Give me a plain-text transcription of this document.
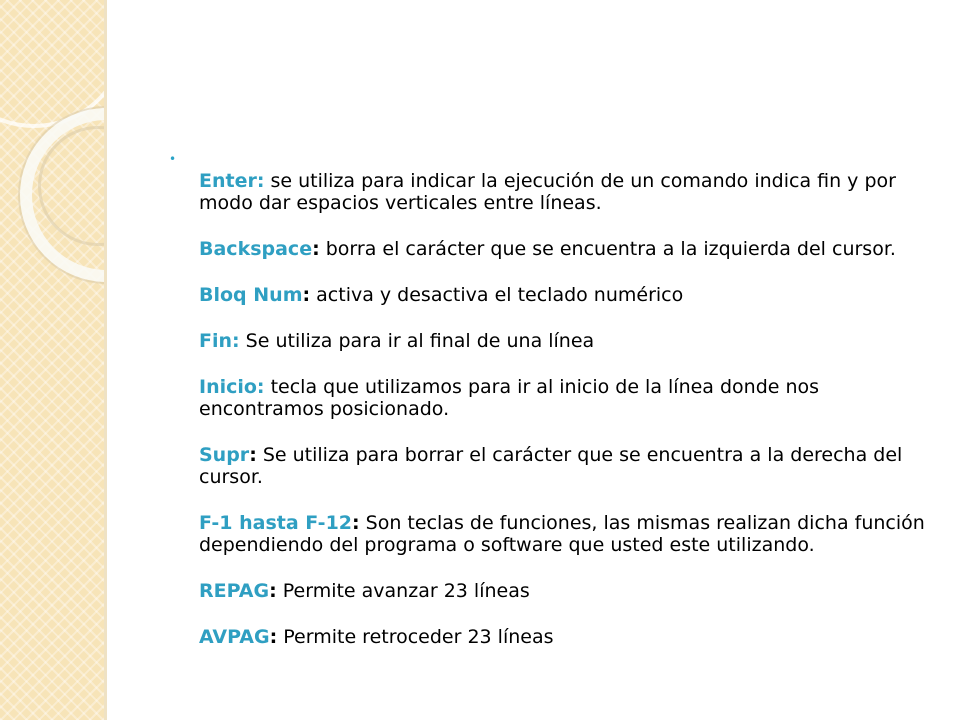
•
Enter: se utiliza para indicar la ejecución de un comando indica fin y por modo dar espacios verticales entre líneas.
Backspace: borra el carácter que se encuentra a la izquierda del cursor.
Bloq Num: activa y desactiva el teclado numérico
Fin: Se utiliza para ir al final de una línea
Inicio: tecla que utilizamos para ir al inicio de la línea donde nos encontramos posicionado.
Supr: Se utiliza para borrar el carácter que se encuentra a la derecha del cursor.
F-1 hasta F-12: Son teclas de funciones, las mismas realizan dicha función dependiendo del programa o software que usted este utilizando.
REPAG: Permite avanzar 23 líneas
AVPAG: Permite retroceder 23 líneas
